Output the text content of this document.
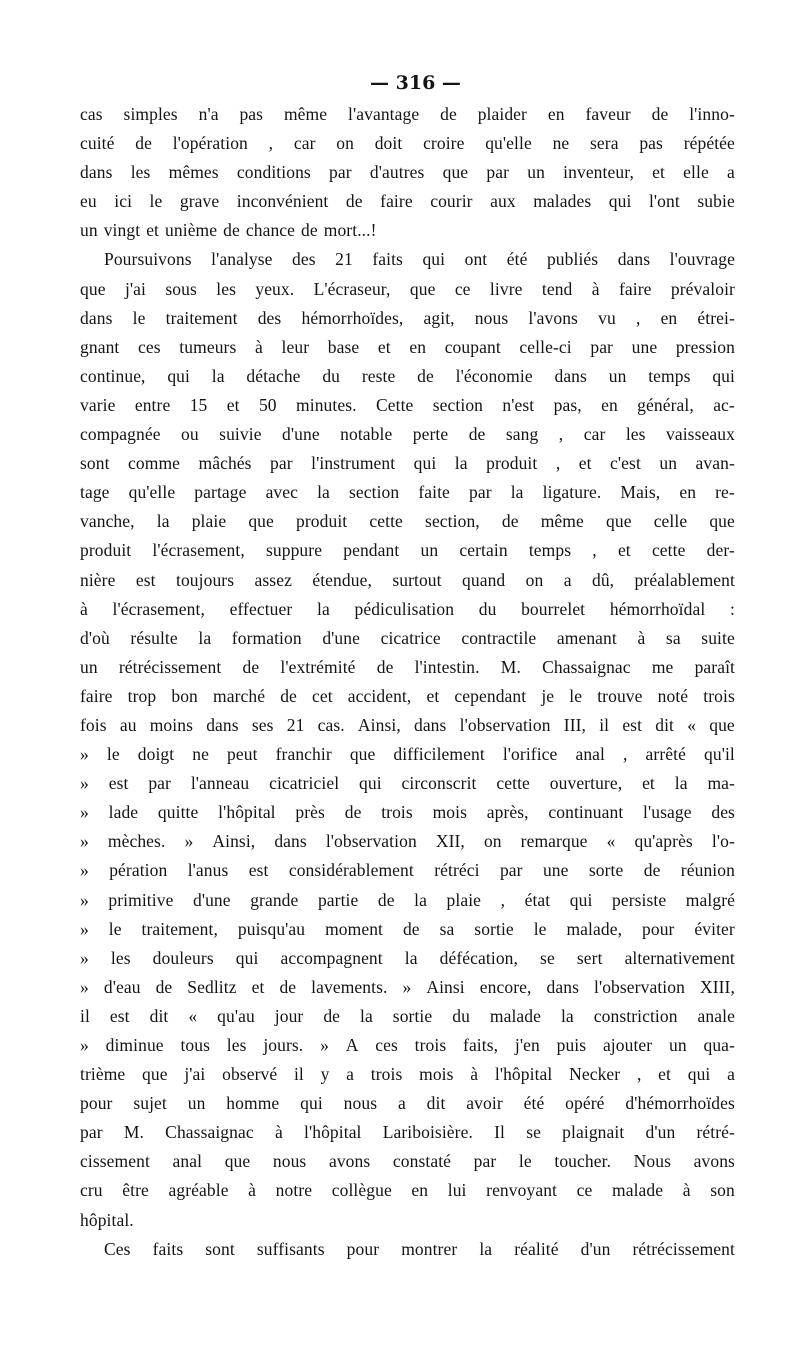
— 316 —
cas simples n'a pas même l'avantage de plaider en faveur de l'inno-
cuité de l'opération , car on doit croire qu'elle ne sera pas répétée
dans les mêmes conditions par d'autres que par un inventeur, et elle a
eu ici le grave inconvénient de faire courir aux malades qui l'ont subie
un vingt et unième de chance de mort...!
Poursuivons l'analyse des 21 faits qui ont été publiés dans l'ouvrage
que j'ai sous les yeux. L'écraseur, que ce livre tend à faire prévaloir
dans le traitement des hémorrhoïdes, agit, nous l'avons vu , en étrei-
gnant ces tumeurs à leur base et en coupant celle-ci par une pression
continue, qui la détache du reste de l'économie dans un temps qui
varie entre 15 et 50 minutes. Cette section n'est pas, en général, ac-
compagnée ou suivie d'une notable perte de sang , car les vaisseaux
sont comme mâchés par l'instrument qui la produit , et c'est un avan-
tage qu'elle partage avec la section faite par la ligature. Mais, en re-
vanche, la plaie que produit cette section, de même que celle que
produit l'écrasement, suppure pendant un certain temps , et cette der-
nière est toujours assez étendue, surtout quand on a dû, préalablement
à l'écrasement, effectuer la pédiculisation du bourrelet hémorrhoïdal :
d'où résulte la formation d'une cicatrice contractile amenant à sa suite
un rétrécissement de l'extrémité de l'intestin. M. Chassaignac me paraît
faire trop bon marché de cet accident, et cependant je le trouve noté trois
fois au moins dans ses 21 cas. Ainsi, dans l'observation III, il est dit « que
» le doigt ne peut franchir que difficilement l'orifice anal , arrêté qu'il
» est par l'anneau cicatriciel qui circonscrit cette ouverture, et la ma-
» lade quitte l'hôpital près de trois mois après, continuant l'usage des
» mèches. » Ainsi, dans l'observation XII, on remarque « qu'après l'o-
» pération l'anus est considérablement rétréci par une sorte de réunion
» primitive d'une grande partie de la plaie , état qui persiste malgré
» le traitement, puisqu'au moment de sa sortie le malade, pour éviter
» les douleurs qui accompagnent la défécation, se sert alternativement
» d'eau de Sedlitz et de lavements. » Ainsi encore, dans l'observation XIII,
il est dit « qu'au jour de la sortie du malade la constriction anale
» diminue tous les jours. » A ces trois faits, j'en puis ajouter un qua-
trième que j'ai observé il y a trois mois à l'hôpital Necker , et qui a
pour sujet un homme qui nous a dit avoir été opéré d'hémorrhoïdes
par M. Chassaignac à l'hôpital Lariboisière. Il se plaignait d'un rétré-
cissement anal que nous avons constaté par le toucher. Nous avons
cru être agréable à notre collègue en lui renvoyant ce malade à son
hôpital.
Ces faits sont suffisants pour montrer la réalité d'un rétrécissement
